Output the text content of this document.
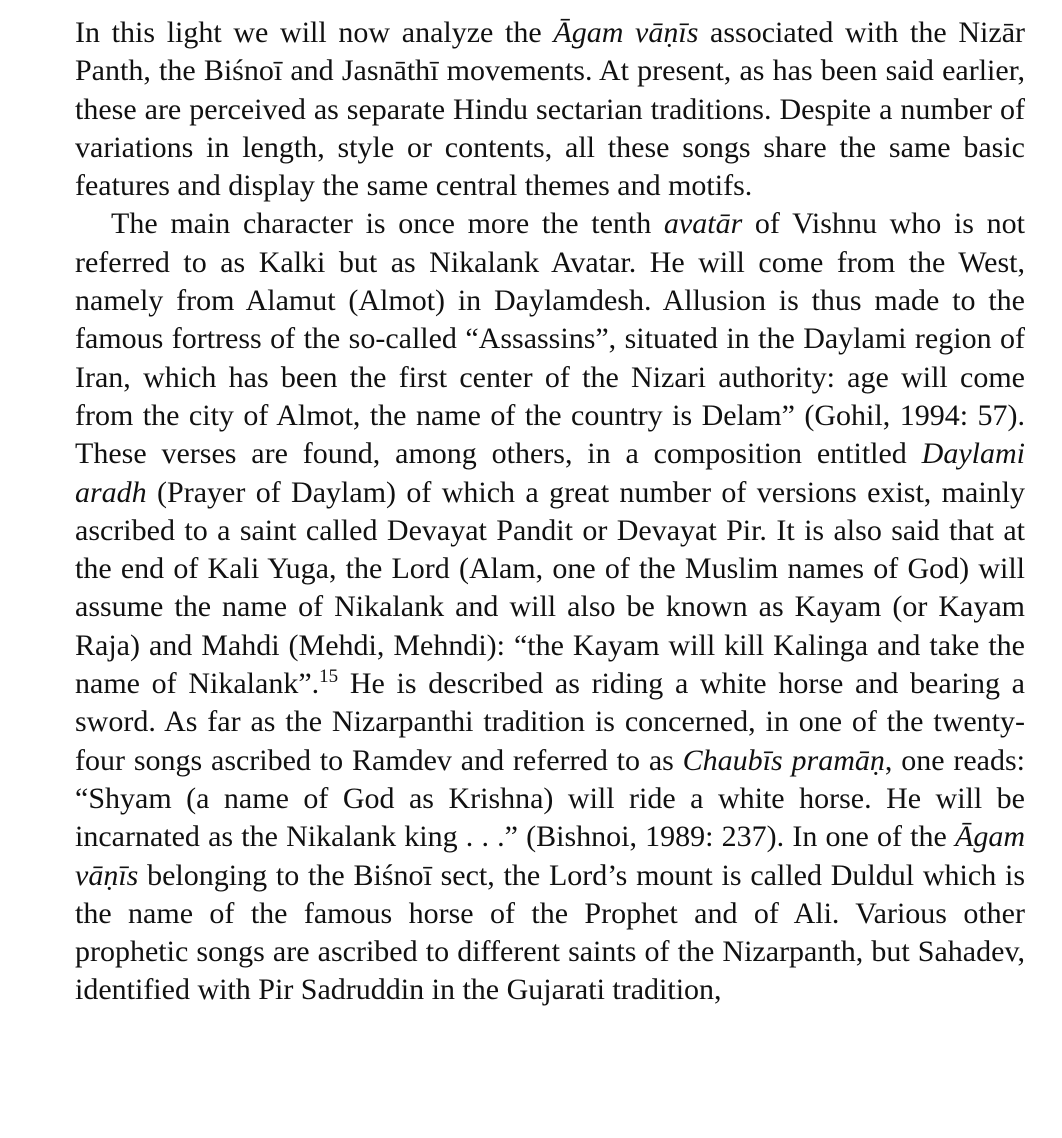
In this light we will now analyze the Āgam vāṇīs associated with the Nizār Panth, the Biśnoī and Jasnāthī movements. At present, as has been said earlier, these are perceived as separate Hindu sectarian traditions. Despite a number of variations in length, style or contents, all these songs share the same basic features and display the same central themes and motifs.

The main character is once more the tenth avatār of Vishnu who is not referred to as Kalki but as Nikalank Avatar. He will come from the West, namely from Alamut (Almot) in Daylamdesh. Allusion is thus made to the famous fortress of the so-called “Assassins”, situated in the Daylami region of Iran, which has been the first center of the Nizari authority: age will come from the city of Almot, the name of the country is Delam” (Gohil, 1994: 57). These verses are found, among others, in a composition entitled Daylami aradh (Prayer of Daylam) of which a great number of versions exist, mainly ascribed to a saint called Devayat Pandit or Devayat Pir. It is also said that at the end of Kali Yuga, the Lord (Alam, one of the Muslim names of God) will assume the name of Nikalank and will also be known as Kayam (or Kayam Raja) and Mahdi (Mehdi, Mehndi): “the Kayam will kill Kalinga and take the name of Nikalank”.$^{15}$ He is described as riding a white horse and bearing a sword. As far as the Nizarpanthi tradition is concerned, in one of the twenty-four songs ascribed to Ramdev and referred to as Chaubīs pramāṇ, one reads: “Shyam (a name of God as Krishna) will ride a white horse. He will be incarnated as the Nikalank king . . .” (Bishnoi, 1989: 237). In one of the Āgam vāṇīs belonging to the Biśnoī sect, the Lord’s mount is called Duldul which is the name of the famous horse of the Prophet and of Ali. Various other prophetic songs are ascribed to different saints of the Nizarpanth, but Sahadev, identified with Pir Sadruddin in the Gujarati tradition,
